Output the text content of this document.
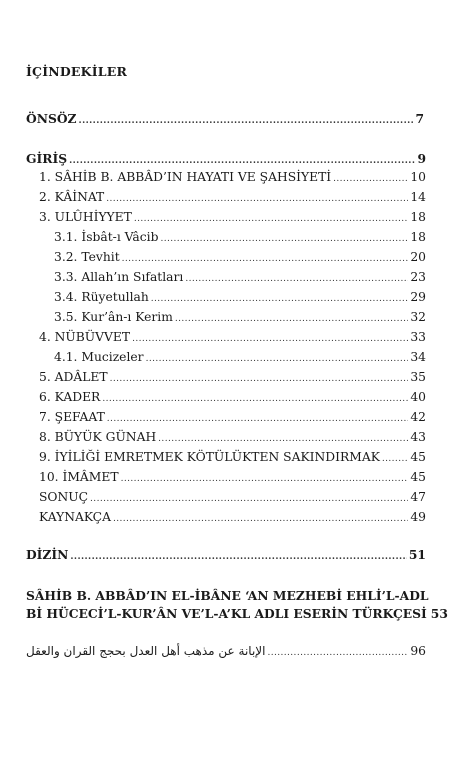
İÇİNDEKİLER
ÖNSÖZ .....	7
GİRİŞ .....	9
1. SÂHİB B. ABBÂD’IN HAYATI VE ŞAHSİYETİ .....	10
2. KÂİNAT .....	14
3. ULÛHİYYET .....	18
3.1. İsbât-ı Vâcib .....	18
3.2. Tevhit .....	20
3.3. Allah’ın Sıfatları .....	23
3.4. Rüyetullah .....	29
3.5. Kur’ân-ı Kerim .....	32
4. NÜBÜVVET .....	33
4.1. Mucizeler .....	34
5. ADÂLET .....	35
6. KADER .....	40
7. ŞEFAAT .....	42
8. BÜYÜK GÜNAH .....	43
9. İYİLİĞİ EMRETMEK KÖTÜLÜKTEN SAKINDIRMAK ..... 45
10. İMÂMET .....	45
SONUÇ .....	47
KAYNAKÇA .....	49
DİZİN .....	51
SÂHİB B. ABBÂD’IN EL-İBÂNE ‘AN MEZHEBİ EHLİ’L-ADL
Bİ HÜCECİ’L-KUR’ÂN VE’L-A’KL ADLI ESERİN TÜRKÇESİ 53
الإبانة عن مذهب أهل العدل بحجج القران والعقل .....	96
